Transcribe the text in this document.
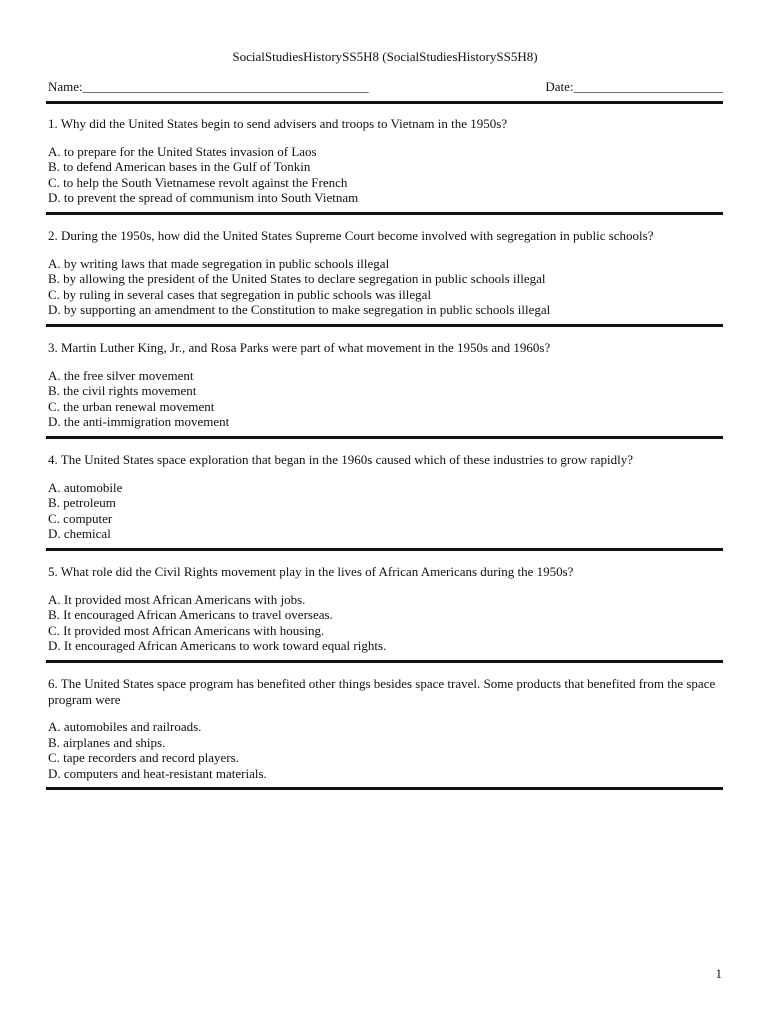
SocialStudiesHistorySS5H8 (SocialStudiesHistorySS5H8)
Name:____________________________________________	Date:_______________________

1. Why did the United States begin to send advisers and troops to Vietnam in the 1950s?

A. to prepare for the United States invasion of Laos

B. to defend American bases in the Gulf of Tonkin

C. to help the South Vietnamese revolt against the French

D. to prevent the spread of communism into South Vietnam

2. During the 1950s, how did the United States Supreme Court become involved with segregation in public schools?

A. by writing laws that made segregation in public schools illegal

B. by allowing the president of the United States to declare segregation in public schools illegal

C. by ruling in several cases that segregation in public schools was illegal

D. by supporting an amendment to the Constitution to make segregation in public schools illegal

3. Martin Luther King, Jr., and Rosa Parks were part of what movement in the 1950s and 1960s?

A. the free silver movement

B. the civil rights movement

C. the urban renewal movement

D. the anti-immigration movement

4. The United States space exploration that began in the 1960s caused which of these industries to grow rapidly?

A. automobile

B. petroleum

C. computer

D. chemical

5. What role did the Civil Rights movement play in the lives of African Americans during the 1950s?

A. It provided most African Americans with jobs.

B. It encouraged African Americans to travel overseas.

C. It provided most African Americans with housing.

D. It encouraged African Americans to work toward equal rights.

6. The United States space program has benefited other things besides space travel. Some products that benefited from the space program were

A. automobiles and railroads.

B. airplanes and ships.

C. tape recorders and record players.

D. computers and heat-resistant materials.

1
